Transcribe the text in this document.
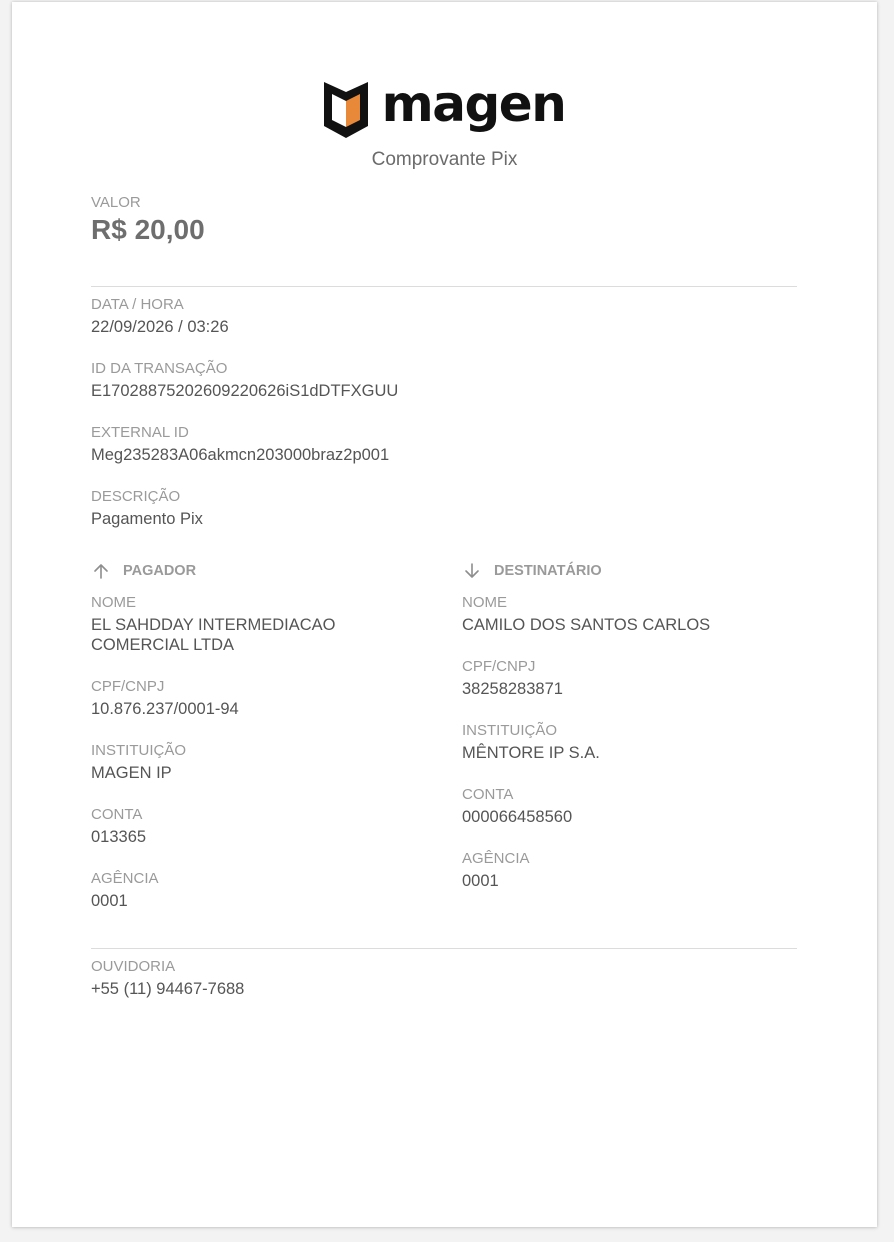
magen
Comprovante Pix
VALOR
R$ 20,00
DATA / HORA
22/09/2026 / 03:26
ID DA TRANSAÇÃO
E17028875202609220626iS1dDTFXGUU
EXTERNAL ID
Meg235283A06akmcn203000braz2p001
DESCRIÇÃO
Pagamento Pix
PAGADOR
NOME
EL SAHDDAY INTERMEDIACAO COMERCIAL LTDA
CPF/CNPJ
10.876.237/0001-94
INSTITUIÇÃO
MAGEN IP
CONTA
013365
AGÊNCIA
0001
DESTINATÁRIO
NOME
CAMILO DOS SANTOS CARLOS
CPF/CNPJ
38258283871
INSTITUIÇÃO
MÊNTORE IP S.A.
CONTA
000066458560
AGÊNCIA
0001
OUVIDORIA
+55 (11) 94467-7688
